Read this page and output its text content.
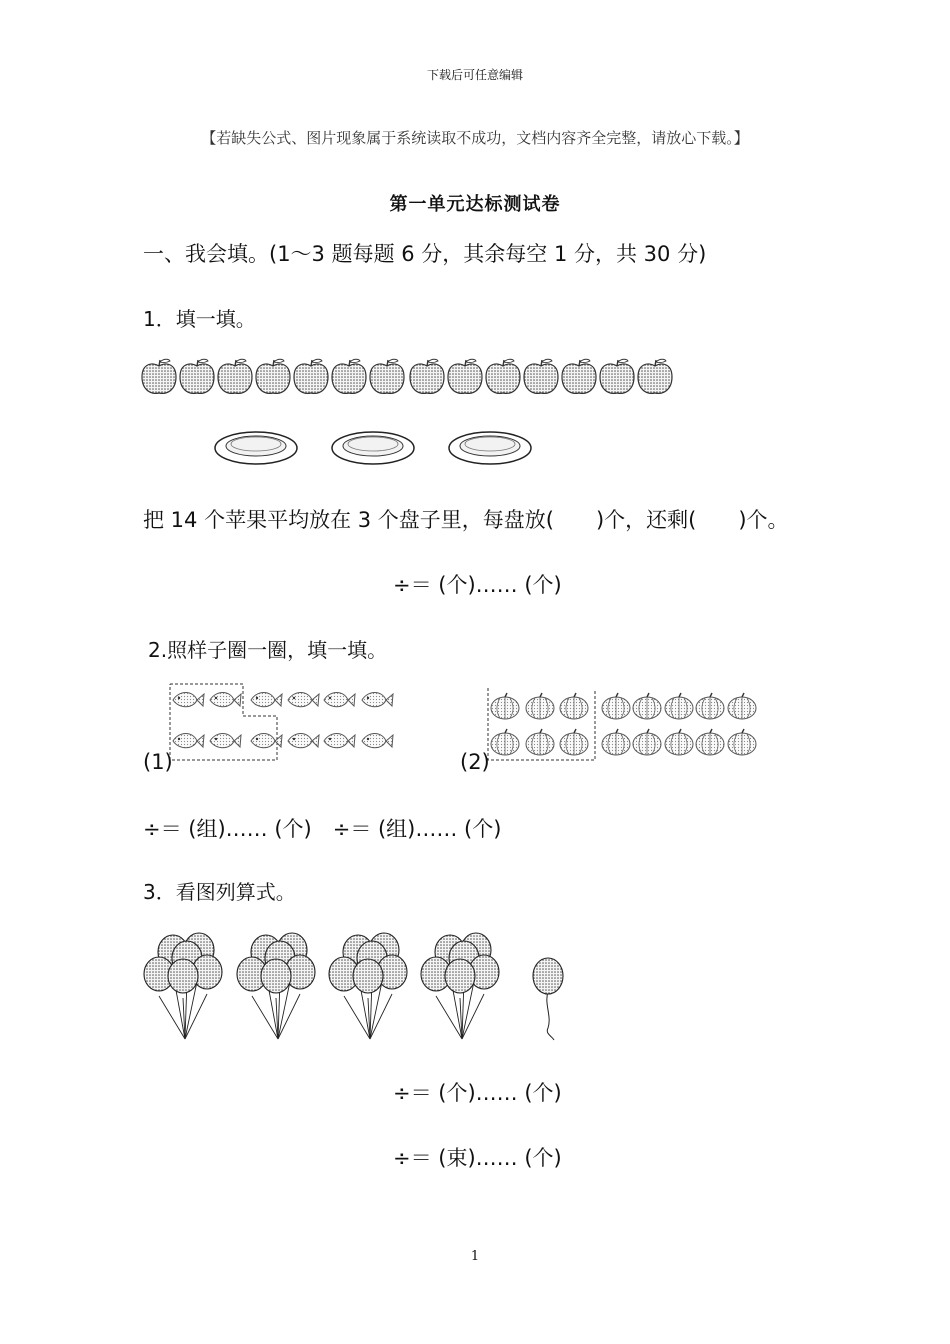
下载后可任意编辑
【若缺失公式、图片现象属于系统读取不成功，文档内容齐全完整，请放心下载。】
第一单元达标测试卷
一、我会填。(1～3 题每题 6 分，其余每空 1 分，共 30 分)
1．填一填。
把 14 个苹果平均放在 3 个盘子里，每盘放(　　)个，还剩(　　)个。
÷＝ (个)…… (个)
2.照样子圈一圈，填一填。
(1)	(2)
÷＝ (组)…… (个)　÷＝ (组)…… (个)
3．看图列算式。
÷＝ (个)…… (个)
÷＝ (束)…… (个)
1
